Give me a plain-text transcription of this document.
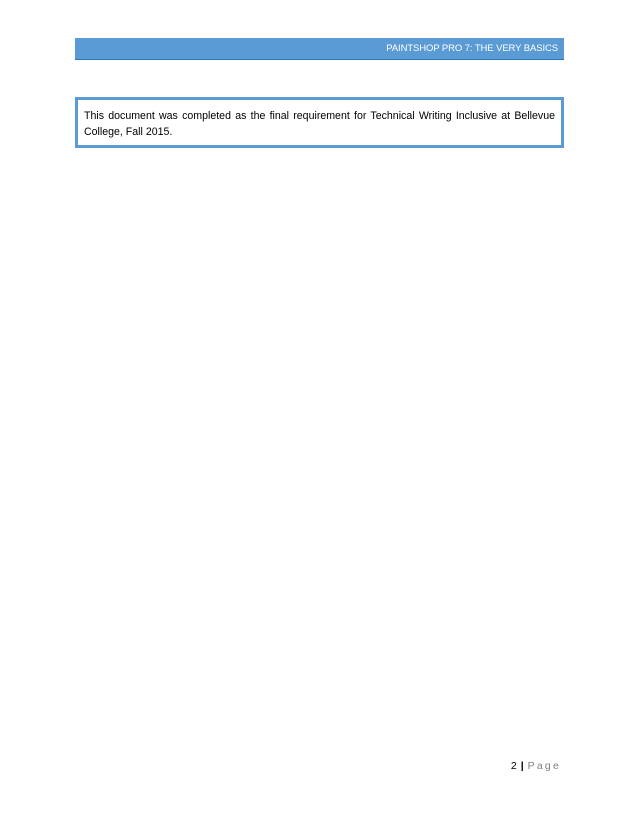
PAINTSHOP PRO 7: THE VERY BASICS

This document was completed as the final requirement for Technical Writing Inclusive at Bellevue College, Fall 2015.

2 | Page
